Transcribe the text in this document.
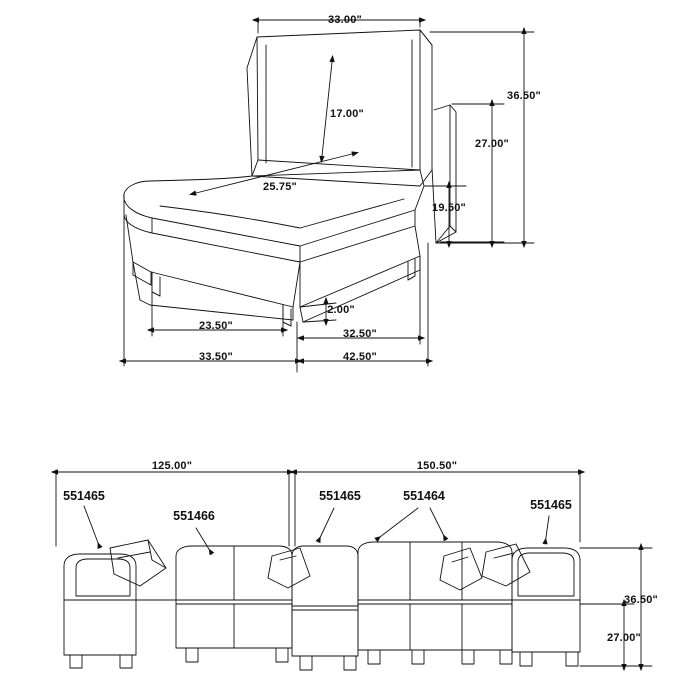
33.00"
17.00"
25.75"
36.50"
27.00"
19.50"
23.50"
2.00"
32.50"
33.50"	42.50"
125.00"	150.50"
36.50"
27.00"
551465
551466
551465	551464
551465
